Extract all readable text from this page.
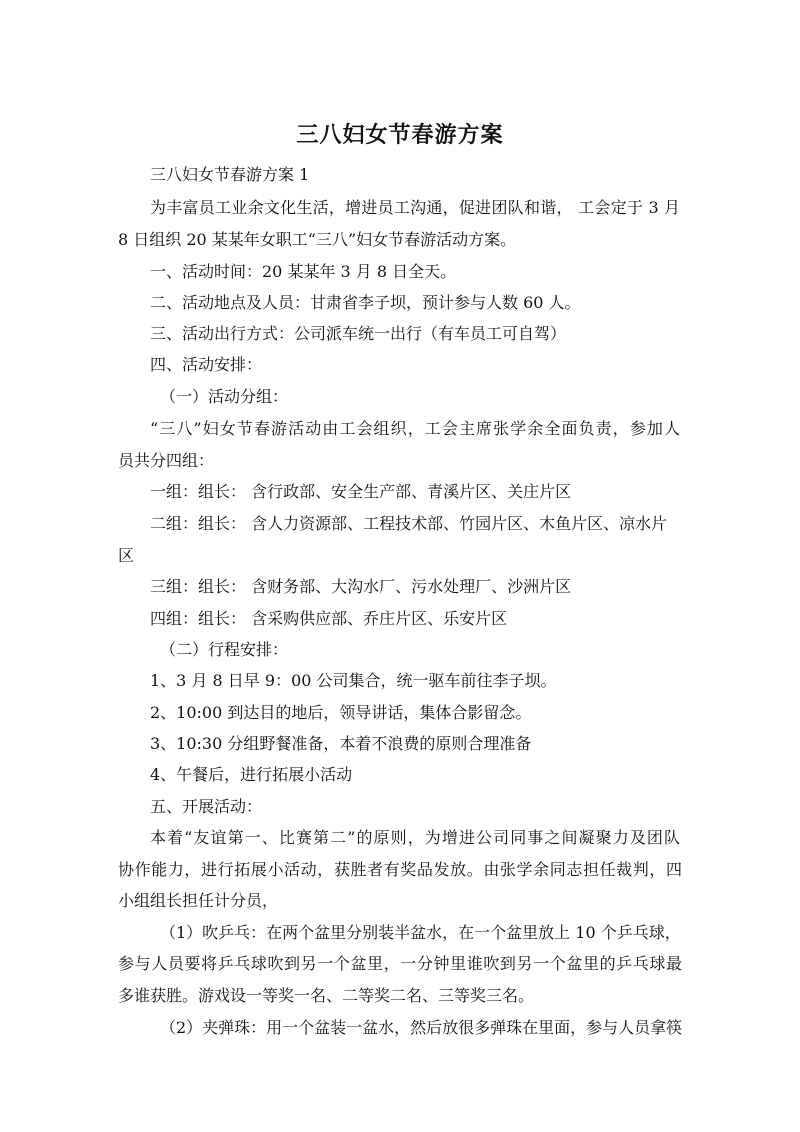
三八妇女节春游方案
三八妇女节春游方案 1
为丰富员工业余文化生活，增进员工沟通，促进团队和谐， 工会定于 3 月
8 日组织 20 某某年女职工“三八”妇女节春游活动方案。
一、活动时间：20 某某年 3 月 8 日全天。
二、活动地点及人员：甘肃省李子坝，预计参与人数 60 人。
三、活动出行方式：公司派车统一出行（有车员工可自驾）
四、活动安排：
（一）活动分组：
“三八”妇女节春游活动由工会组织，工会主席张学余全面负责，参加人
员共分四组：
一组：组长： 含行政部、安全生产部、青溪片区、关庄片区
二组：组长： 含人力资源部、工程技术部、竹园片区、木鱼片区、凉水片
区
三组：组长： 含财务部、大沟水厂、污水处理厂、沙洲片区
四组：组长： 含采购供应部、乔庄片区、乐安片区
（二）行程安排：
1、3 月 8 日早 9：00 公司集合，统一驱车前往李子坝。
2、10:00 到达目的地后，领导讲话，集体合影留念。
3、10:30 分组野餐准备，本着不浪费的原则合理准备
4、午餐后，进行拓展小活动
五、开展活动：
本着“友谊第一、比赛第二”的原则，为增进公司同事之间凝聚力及团队
协作能力，进行拓展小活动，获胜者有奖品发放。由张学余同志担任裁判，四
小组组长担任计分员，
（1）吹乒乓：在两个盆里分别装半盆水，在一个盆里放上 10 个乒乓球，
参与人员要将乒乓球吹到另一个盆里，一分钟里谁吹到另一个盆里的乒乓球最
多谁获胜。游戏设一等奖一名、二等奖二名、三等奖三名。
（2）夹弹珠：用一个盆装一盆水，然后放很多弹珠在里面，参与人员拿筷
